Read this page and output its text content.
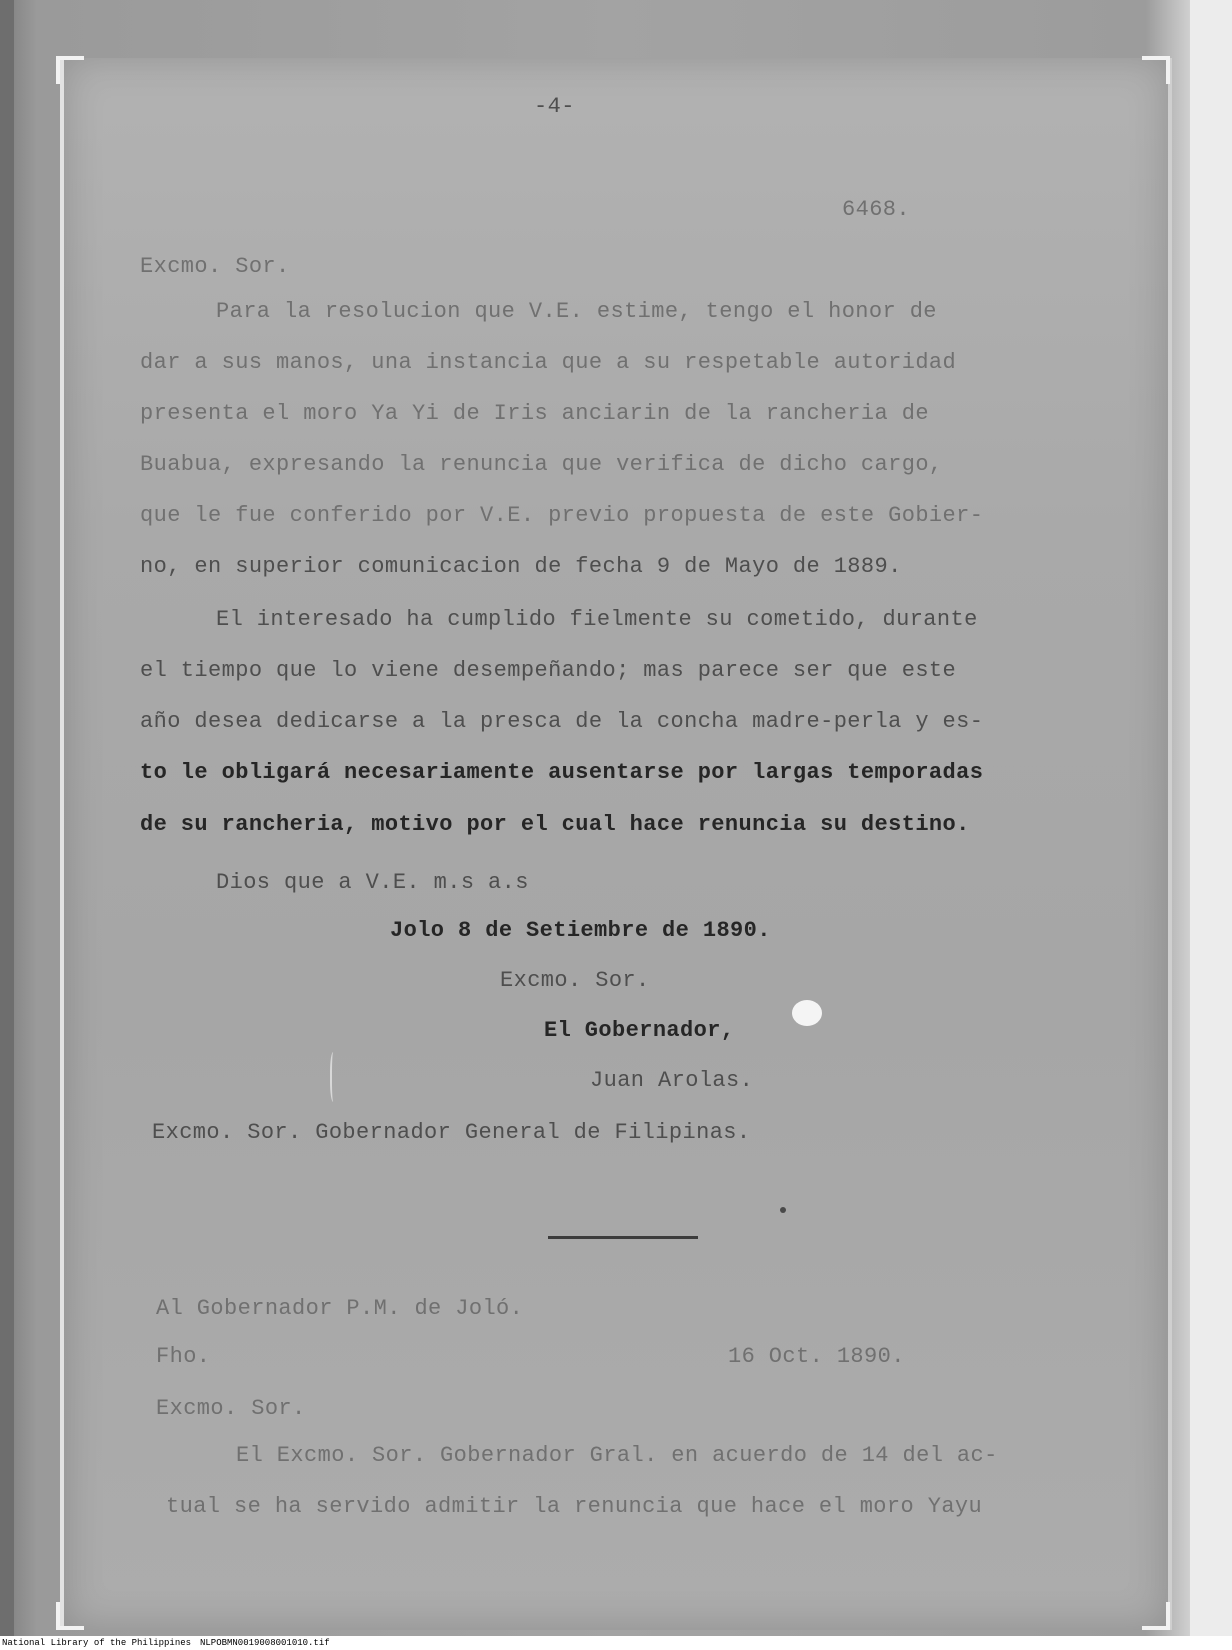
-4-
6468.
Excmo. Sor.
Para la resolucion que V.E. estime, tengo el honor de
dar a sus manos, una instancia que a su respetable autoridad
presenta el moro Ya Yi de Iris anciarin de la rancheria de
Buabua, expresando la renuncia que verifica de dicho cargo,
que le fue conferido por V.E. previo propuesta de este Gobier-
no, en superior comunicacion de fecha 9 de Mayo de 1889.
El interesado ha cumplido fielmente su cometido, durante
el tiempo que lo viene desempeñando; mas parece ser que este
año desea dedicarse a la presca de la concha madre-perla y es-
to le obligará necesariamente ausentarse por largas temporadas
de su rancheria, motivo por el cual hace renuncia su destino.
Dios que a V.E. m.s a.s
Jolo 8 de Setiembre de 1890.
Excmo. Sor.
El Gobernador,
Juan Arolas.
Excmo. Sor. Gobernador General de Filipinas.
Al Gobernador P.M. de Joló.
Fho.	16 Oct. 1890.
Excmo. Sor.
El Excmo. Sor. Gobernador Gral. en acuerdo de 14 del ac-
tual se ha servido admitir la renuncia que hace el moro Yayu
National Library of the Philippines NLPOBMN0019008001010.tif
